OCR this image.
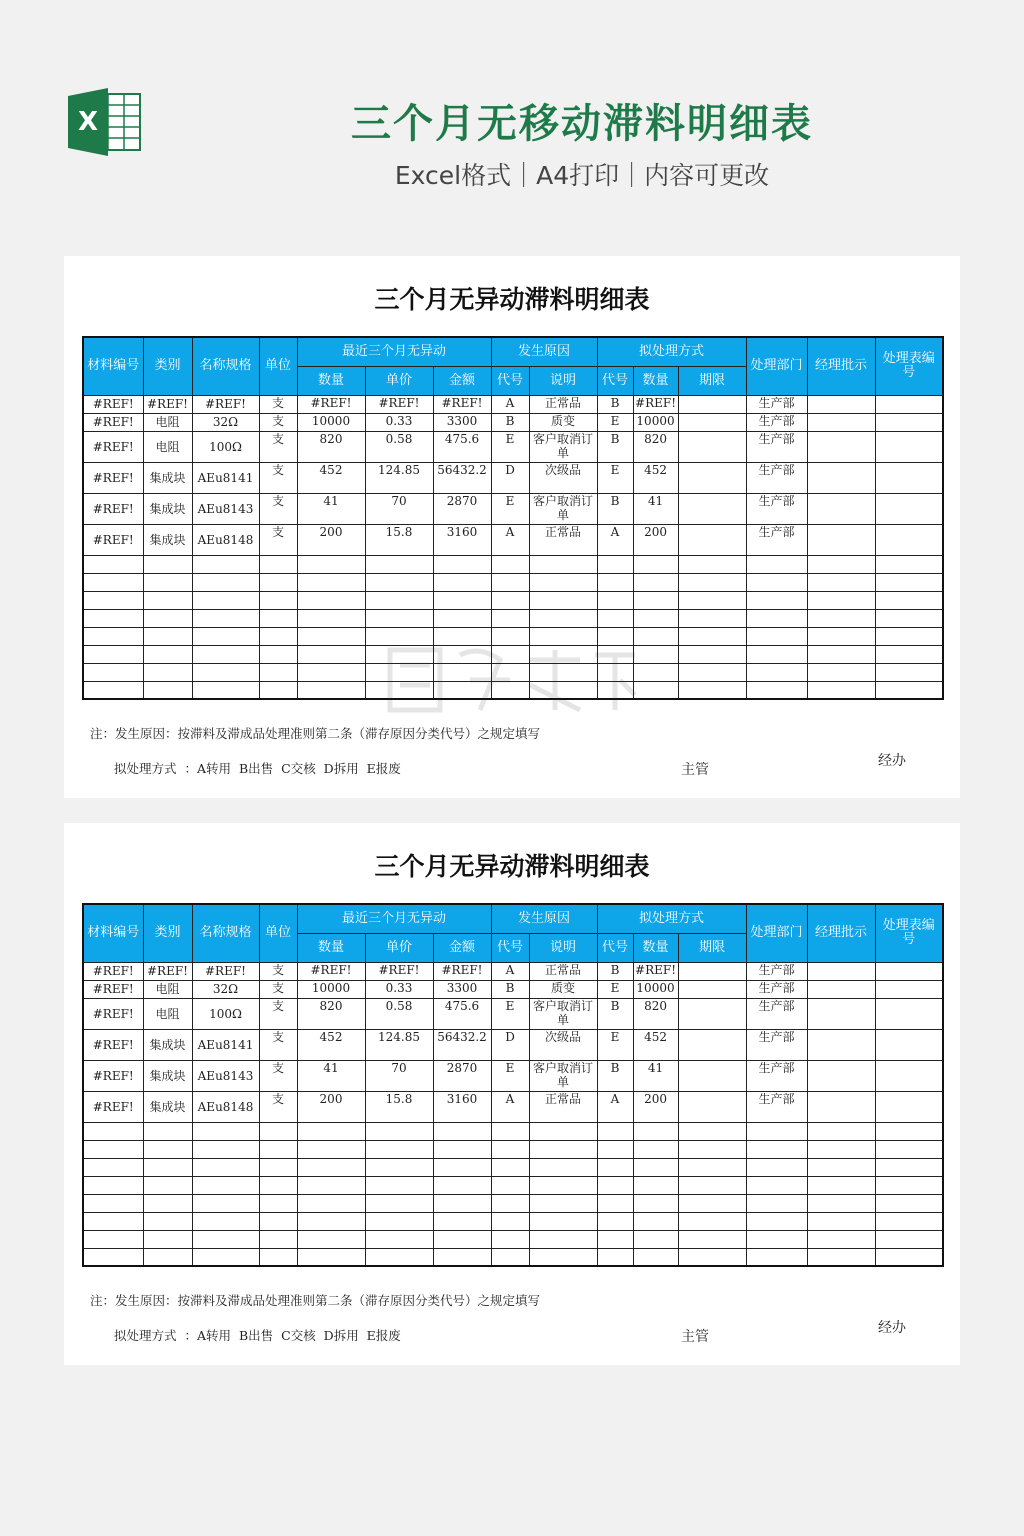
X	三个月无移动滞料明细表
Excel格式｜A4打印｜内容可更改
三个月无异动滞料明细表
材料编号	类别	名称规格	单位	最近三个月无异动			发生原因		拟处理方式			处理部门	经理批示	处理表编号
				数量	单价	金额	代号	说明	代号	数量	期限			
#REF!	#REF!	#REF!	支	#REF!	#REF!	#REF!	A	正常品	B	#REF!		生产部		
#REF!	电阻	32Ω	支	10000	0.33	3300	B	质变	E	10000		生产部		
#REF!	电阻	100Ω	支	820	0.58	475.6	E	客户取消订单	B	820		生产部		
#REF!	集成块	AEu8141	支	452	124.85	56432.2	D	次级品	E	452		生产部		
#REF!	集成块	AEu8143	支	41	70	2870	E	客户取消订单	B	41		生产部		
#REF!	集成块	AEu8148	支	200	15.8	3160	A	正常品	A	200		生产部		

注：发生原因：按滞料及滞成品处理准则第二条（滞存原因分类代号）之规定填写
拟处理方式 ：A转用 B出售 C交核 D拆用 E报废	主管
经办
三个月无异动滞料明细表
材料编号	类别	名称规格	单位	最近三个月无异动			发生原因		拟处理方式			处理部门	经理批示	处理表编号
				数量	单价	金额	代号	说明	代号	数量	期限			
#REF!	#REF!	#REF!	支	#REF!	#REF!	#REF!	A	正常品	B	#REF!		生产部		
#REF!	电阻	32Ω	支	10000	0.33	3300	B	质变	E	10000		生产部		
#REF!	电阻	100Ω	支	820	0.58	475.6	E	客户取消订单	B	820		生产部		
#REF!	集成块	AEu8141	支	452	124.85	56432.2	D	次级品	E	452		生产部		
#REF!	集成块	AEu8143	支	41	70	2870	E	客户取消订单	B	41		生产部		
#REF!	集成块	AEu8148	支	200	15.8	3160	A	正常品	A	200		生产部		

注：发生原因：按滞料及滞成品处理准则第二条（滞存原因分类代号）之规定填写
拟处理方式 ：A转用 B出售 C交核 D拆用 E报废	主管
经办
